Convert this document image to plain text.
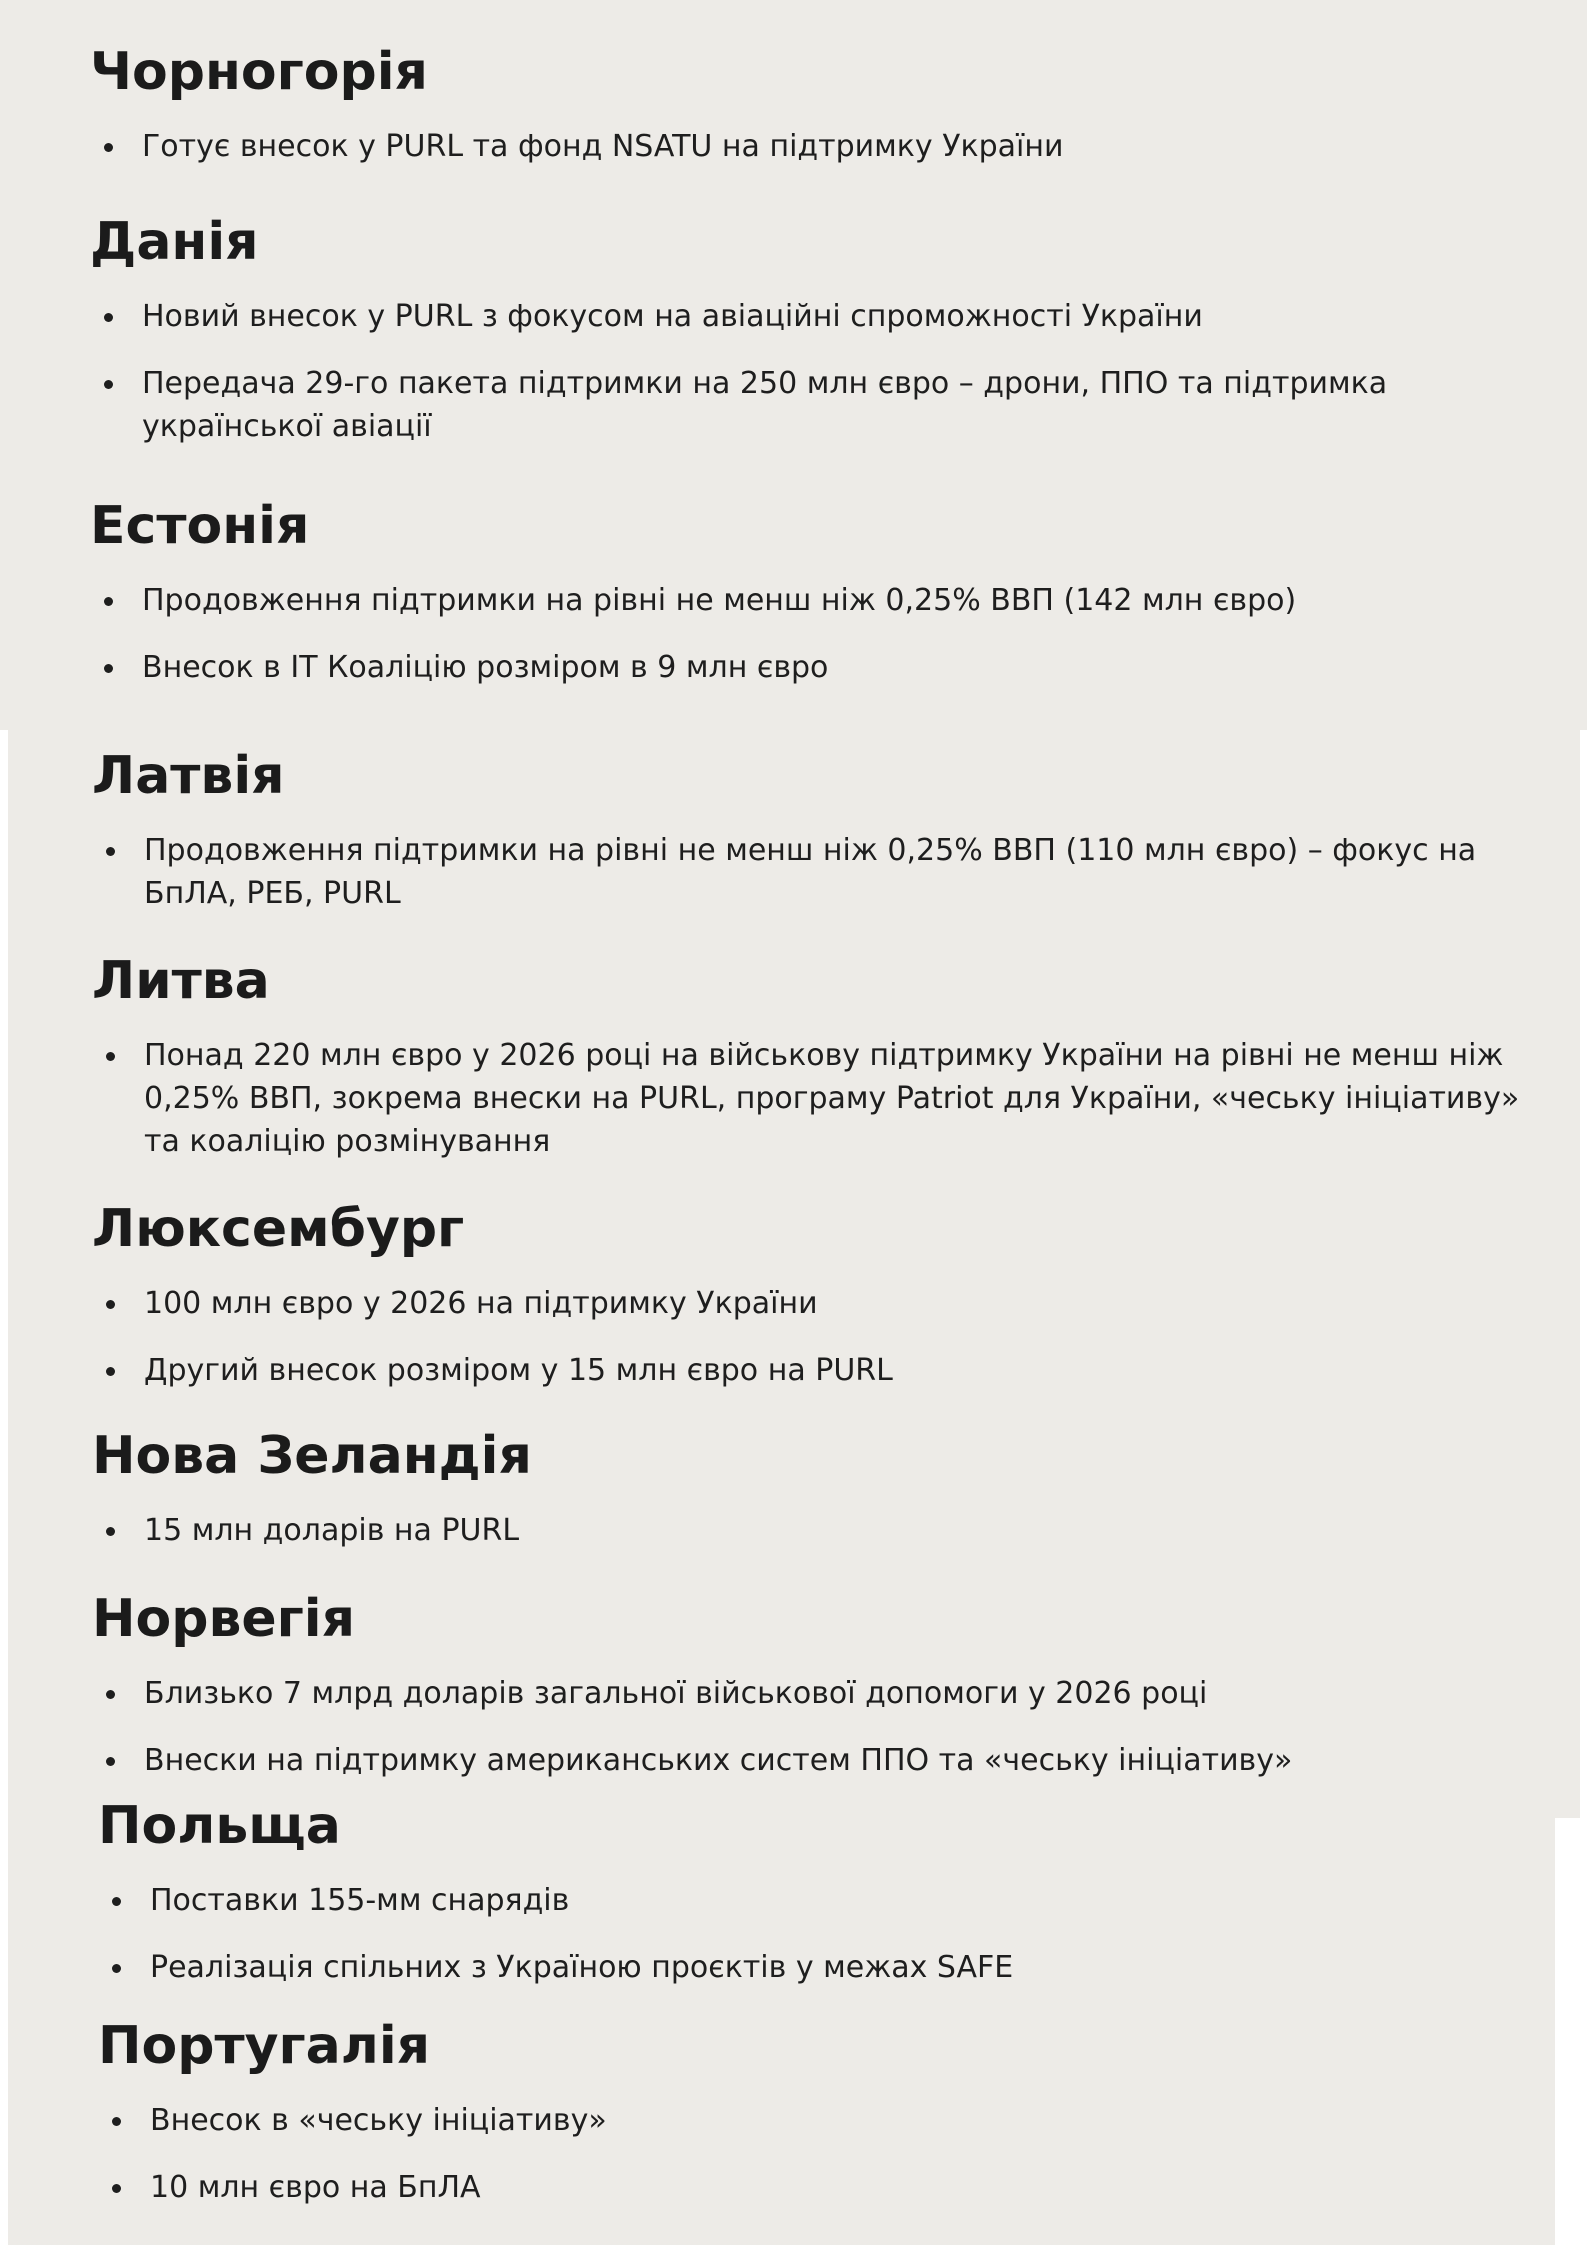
Чорногорія
Готує внесок у PURL та фонд NSATU на підтримку України
Данія
Новий внесок у PURL з фокусом на авіаційні спроможності України
Передача 29-го пакета підтримки на 250 млн євро – дрони, ППО та підтримка української авіації
Естонія
Продовження підтримки на рівні не менш ніж 0,25% ВВП (142 млн євро)
Внесок в IT Коаліцію розміром в 9 млн євро
Латвія
Продовження підтримки на рівні не менш ніж 0,25% ВВП (110 млн євро) – фокус на БпЛА, РЕБ, PURL
Литва
Понад 220 млн євро у 2026 році на військову підтримку України на рівні не менш ніж 0,25% ВВП, зокрема внески на PURL, програму Patriot для України, «чеську ініціативу» та коаліцію розмінування
Люксембург
100 млн євро у 2026 на підтримку України
Другий внесок розміром у 15 млн євро на PURL
Нова Зеландія
15 млн доларів на PURL
Норвегія
Близько 7 млрд доларів загальної військової допомоги у 2026 році
Внески на підтримку американських систем ППО та «чеську ініціативу»
Польща
Поставки 155-мм снарядів
Реалізація спільних з Україною проєктів у межах SAFE
Португалія
Внесок в «чеську ініціативу»
10 млн євро на БпЛА
